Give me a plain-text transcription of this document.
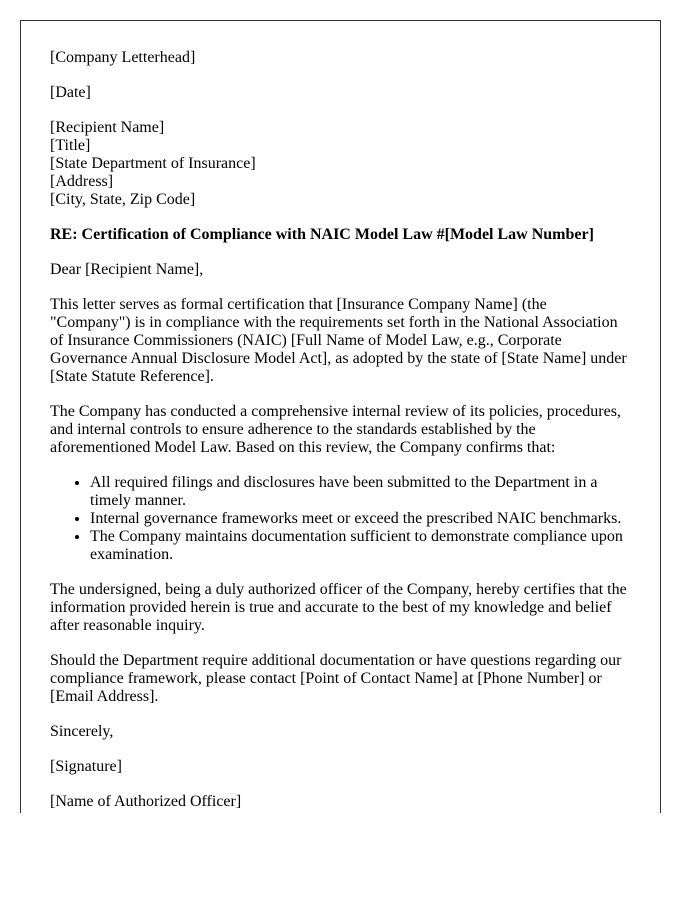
[Company Letterhead]

[Date]

[Recipient Name]
[Title]
[State Department of Insurance]
[Address]
[City, State, Zip Code]

RE: Certification of Compliance with NAIC Model Law #[Model Law Number]

Dear [Recipient Name],

This letter serves as formal certification that [Insurance Company Name] (the "Company") is in compliance with the requirements set forth in the National Association of Insurance Commissioners (NAIC) [Full Name of Model Law, e.g., Corporate Governance Annual Disclosure Model Act], as adopted by the state of [State Name] under [State Statute Reference].

The Company has conducted a comprehensive internal review of its policies, procedures, and internal controls to ensure adherence to the standards established by the aforementioned Model Law. Based on this review, the Company confirms that:

• All required filings and disclosures have been submitted to the Department in a timely manner.
• Internal governance frameworks meet or exceed the prescribed NAIC benchmarks.
• The Company maintains documentation sufficient to demonstrate compliance upon examination.

The undersigned, being a duly authorized officer of the Company, hereby certifies that the information provided herein is true and accurate to the best of my knowledge and belief after reasonable inquiry.

Should the Department require additional documentation or have questions regarding our compliance framework, please contact [Point of Contact Name] at [Phone Number] or [Email Address].

Sincerely,

[Signature]

[Name of Authorized Officer]
